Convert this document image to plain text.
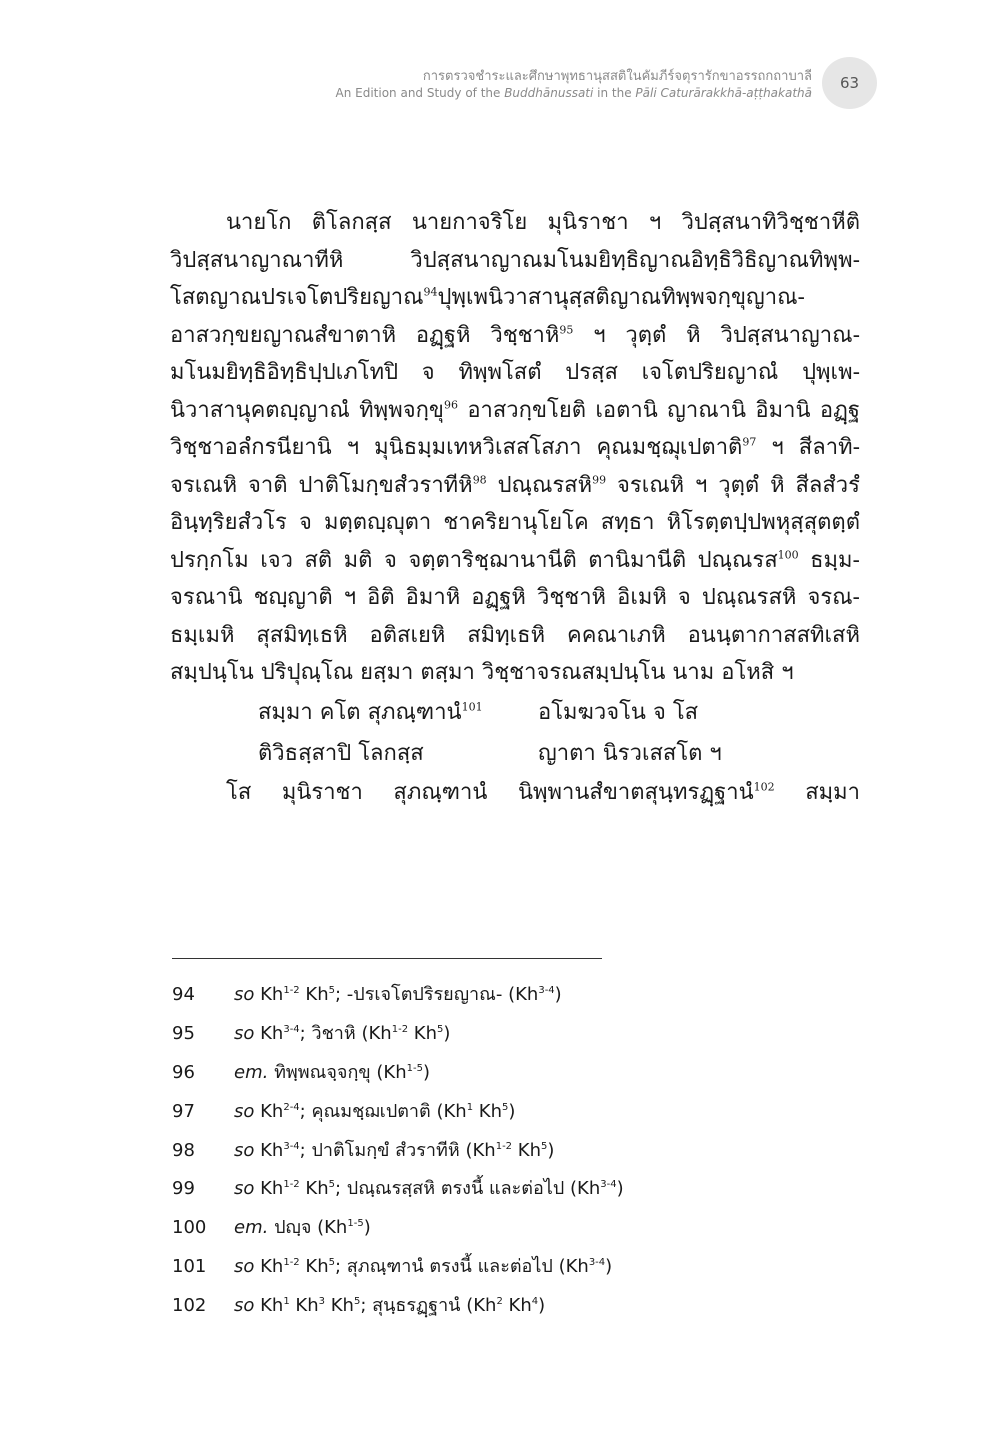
การตรวจชำระและศึกษาพุทธานุสสติในคัมภีร์จตุรารักขาอรรถกถาบาลี
An Edition and Study of the Buddhānussati in the Pāli Caturārakkhā-aṭṭhakathā
63
นายโก ติโลกสฺส นายกาจริโย มุนิราชา ฯ วิปสฺสนาทิวิชฺชาหีติ
วิปสฺสนาญาณาทีหิ วิปสฺสนาญาณมโนมยิทฺธิญาณอิทฺธิวิธิญาณทิพฺพ-
โสตญาณปรเจโตปริยญาณ$^{94}$ปุพฺเพนิวาสานุสฺสติญาณทิพฺพจกฺขุญาณ-
อาสวกฺขยญาณสํขาตาหิ อฏฺฐหิ วิชฺชาหิ$^{95}$ ฯ วุตฺตํ หิ วิปสฺสนาญาณ-
มโนมยิทฺธิอิทฺธิปฺปเภโทปิ จ ทิพฺพโสตํ ปรสฺส เจโตปริยญาณํ ปุพฺเพ-
นิวาสานุคตญฺญาณํ ทิพฺพจกฺขุ$^{96}$ อาสวกฺขโยติ เอตานิ ญาณานิ อิมานิ อฏฺฐ
วิชฺชาอลํกรนียานิ ฯ มุนิธมฺมเทหวิเสสโสภา คุณมชฺฌุเปตาติ$^{97}$ ฯ สีลาทิ-
จรเณหิ จาติ ปาติโมกฺขสํวราทีหิ$^{98}$ ปณฺณรสหิ$^{99}$ จรเณหิ ฯ วุตฺตํ หิ สีลสํวรํ
อินฺทฺริยสํวโร จ มตฺตญฺญุตา ชาคริยานุโยโค สทฺธา หิโรตฺตปฺปพหุสฺสุตตฺตํ
ปรกฺกโม เจว สติ มติ จ จตฺตาริชฺฌานานีติ ตานิมานีติ ปณฺณรส$^{100}$ ธมฺม-
จรณานิ ชญฺญาติ ฯ อิติ อิมาหิ อฏฺฐหิ วิชฺชาหิ อิเมหิ จ ปณฺณรสหิ จรณ-
ธมฺเมหิ สุสมิทฺเธหิ อติสเยหิ สมิทฺเธหิ คคณาเภหิ อนนฺตากาสสทิเสหิ
สมฺปนฺโน ปริปุณฺโณ ยสฺมา ตสฺมา วิชฺชาจรณสมฺปนฺโน นาม อโหสิ ฯ
สมฺมา คโต สุภณฺฑานํ$^{101}$	อโมฆวจโน จ โส
ติวิธสฺสาปิ โลกสฺส	ญาตา นิรวเสสโต ฯ
โส มุนิราชา สุภณฺฑานํ นิพฺพานสํขาตสุนฺทรฏฺฐานํ$^{102}$ สมฺมา
94	so Kh$^{1-2}$ Kh$^5$; -ปรเจโตปริรยญาณ- (Kh$^{3-4}$)
95	so Kh$^{3-4}$; วิชาหิ (Kh$^{1-2}$ Kh$^5$)
96	em. ทิพฺพณจฺจกฺขุ (Kh$^{1-5}$)
97	so Kh$^{2-4}$; คุณมชฺฌเปตาติ (Kh$^1$ Kh$^5$)
98	so Kh$^{3-4}$; ปาติโมกฺขํ สํวราทีหิ (Kh$^{1-2}$ Kh$^5$)
99	so Kh$^{1-2}$ Kh$^5$; ปณฺณรสฺสหิ ตรงนี้ และต่อไป (Kh$^{3-4}$)
100	em. ปญฺจ (Kh$^{1-5}$)
101	so Kh$^{1-2}$ Kh$^5$; สุภณฺฑานํ ตรงนี้ และต่อไป (Kh$^{3-4}$)
102	so Kh$^1$ Kh$^3$ Kh$^5$; สุนฺธรฏฺฐานํ (Kh$^2$ Kh$^4$)
